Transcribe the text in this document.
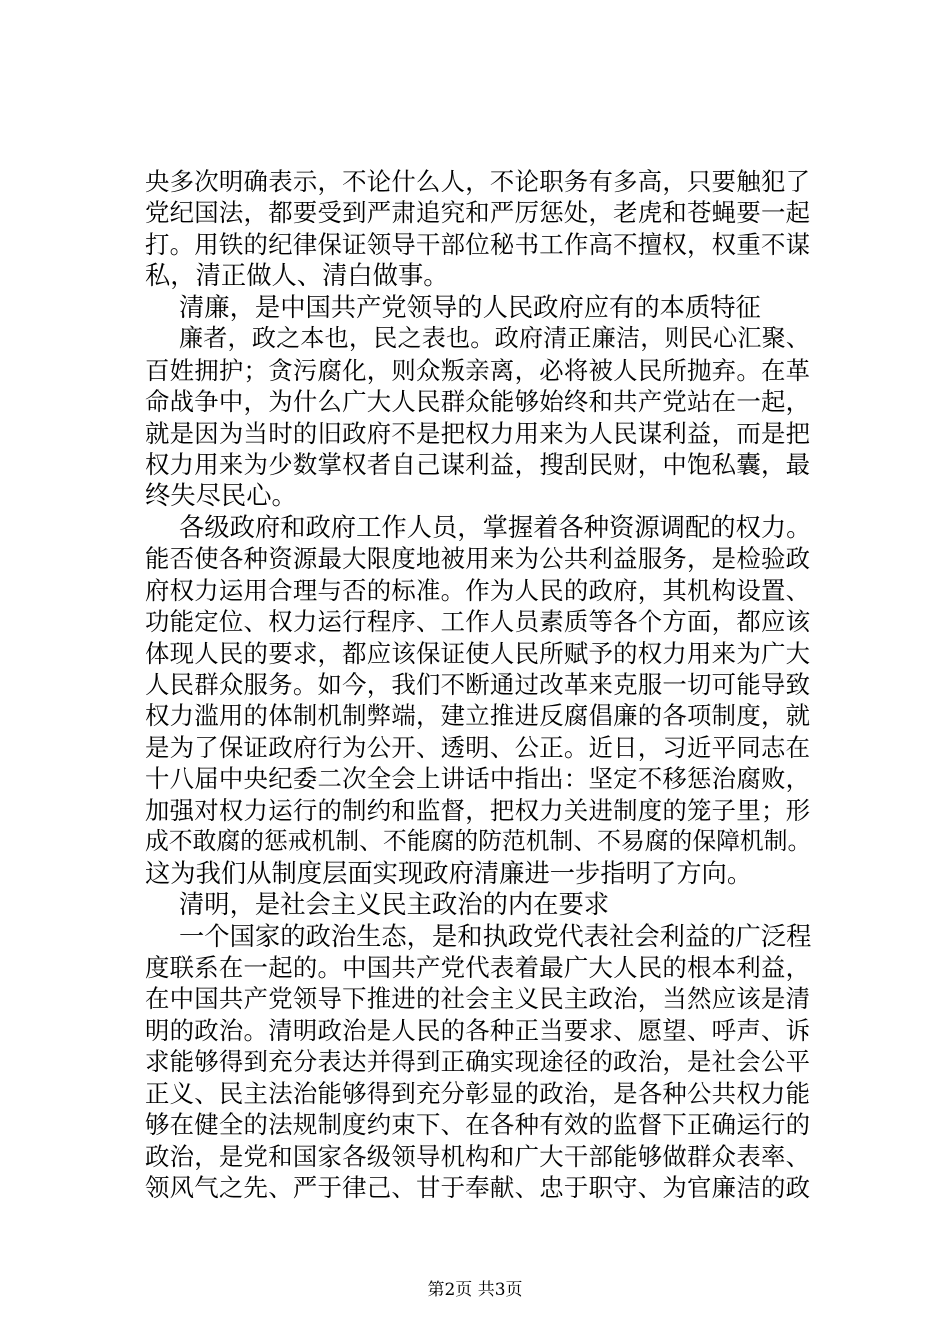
央多次明确表示，不论什么人，不论职务有多高，只要触犯了
党纪国法，都要受到严肃追究和严厉惩处，老虎和苍蝇要一起
打。用铁的纪律保证领导干部位秘书工作高不擅权，权重不谋
私，清正做人、清白做事。
清廉，是中国共产党领导的人民政府应有的本质特征
廉者，政之本也，民之表也。政府清正廉洁，则民心汇聚、
百姓拥护；贪污腐化，则众叛亲离，必将被人民所抛弃。在革
命战争中，为什么广大人民群众能够始终和共产党站在一起，
就是因为当时的旧政府不是把权力用来为人民谋利益，而是把
权力用来为少数掌权者自己谋利益，搜刮民财，中饱私囊，最
终失尽民心。
各级政府和政府工作人员，掌握着各种资源调配的权力。
能否使各种资源最大限度地被用来为公共利益服务，是检验政
府权力运用合理与否的标准。作为人民的政府，其机构设置、
功能定位、权力运行程序、工作人员素质等各个方面，都应该
体现人民的要求，都应该保证使人民所赋予的权力用来为广大
人民群众服务。如今，我们不断通过改革来克服一切可能导致
权力滥用的体制机制弊端，建立推进反腐倡廉的各项制度，就
是为了保证政府行为公开、透明、公正。近日，习近平同志在
十八届中央纪委二次全会上讲话中指出：坚定不移惩治腐败，
加强对权力运行的制约和监督，把权力关进制度的笼子里；形
成不敢腐的惩戒机制、不能腐的防范机制、不易腐的保障机制。
这为我们从制度层面实现政府清廉进一步指明了方向。
清明，是社会主义民主政治的内在要求
一个国家的政治生态，是和执政党代表社会利益的广泛程
度联系在一起的。中国共产党代表着最广大人民的根本利益，
在中国共产党领导下推进的社会主义民主政治，当然应该是清
明的政治。清明政治是人民的各种正当要求、愿望、呼声、诉
求能够得到充分表达并得到正确实现途径的政治，是社会公平
正义、民主法治能够得到充分彰显的政治，是各种公共权力能
够在健全的法规制度约束下、在各种有效的监督下正确运行的
政治，是党和国家各级领导机构和广大干部能够做群众表率、
领风气之先、严于律己、甘于奉献、忠于职守、为官廉洁的政
第2页 共3页
